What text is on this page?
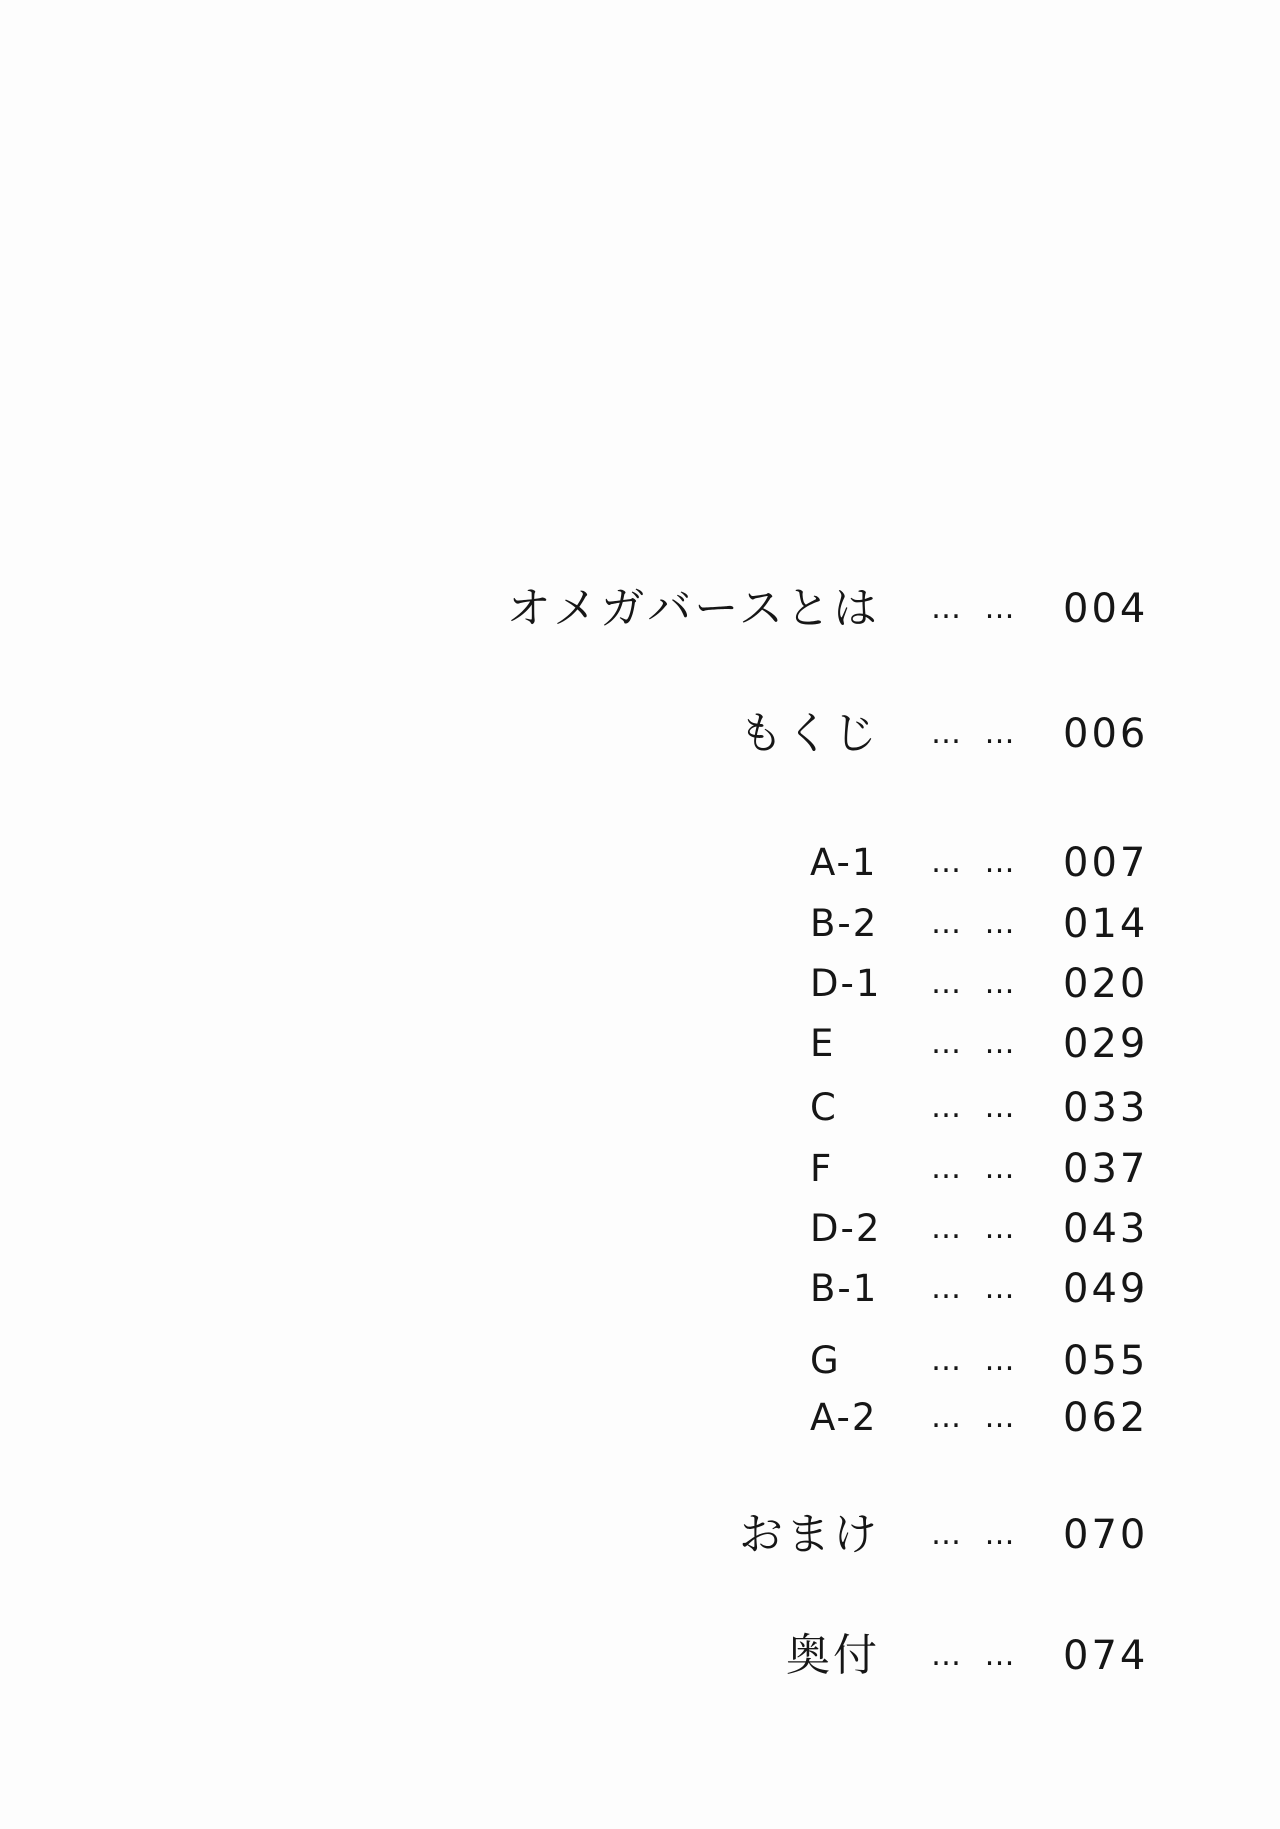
オメガバースとは … … 004
もくじ … … 006
A-1 … … 007
B-2 … … 014
D-1 … … 020
E	… … 029
C	… … 033
F	… … 037
D-2 … … 043
B-1 … … 049
G	… … 055
A-2 … … 062
おまけ … … 070
奥付 … … 074
